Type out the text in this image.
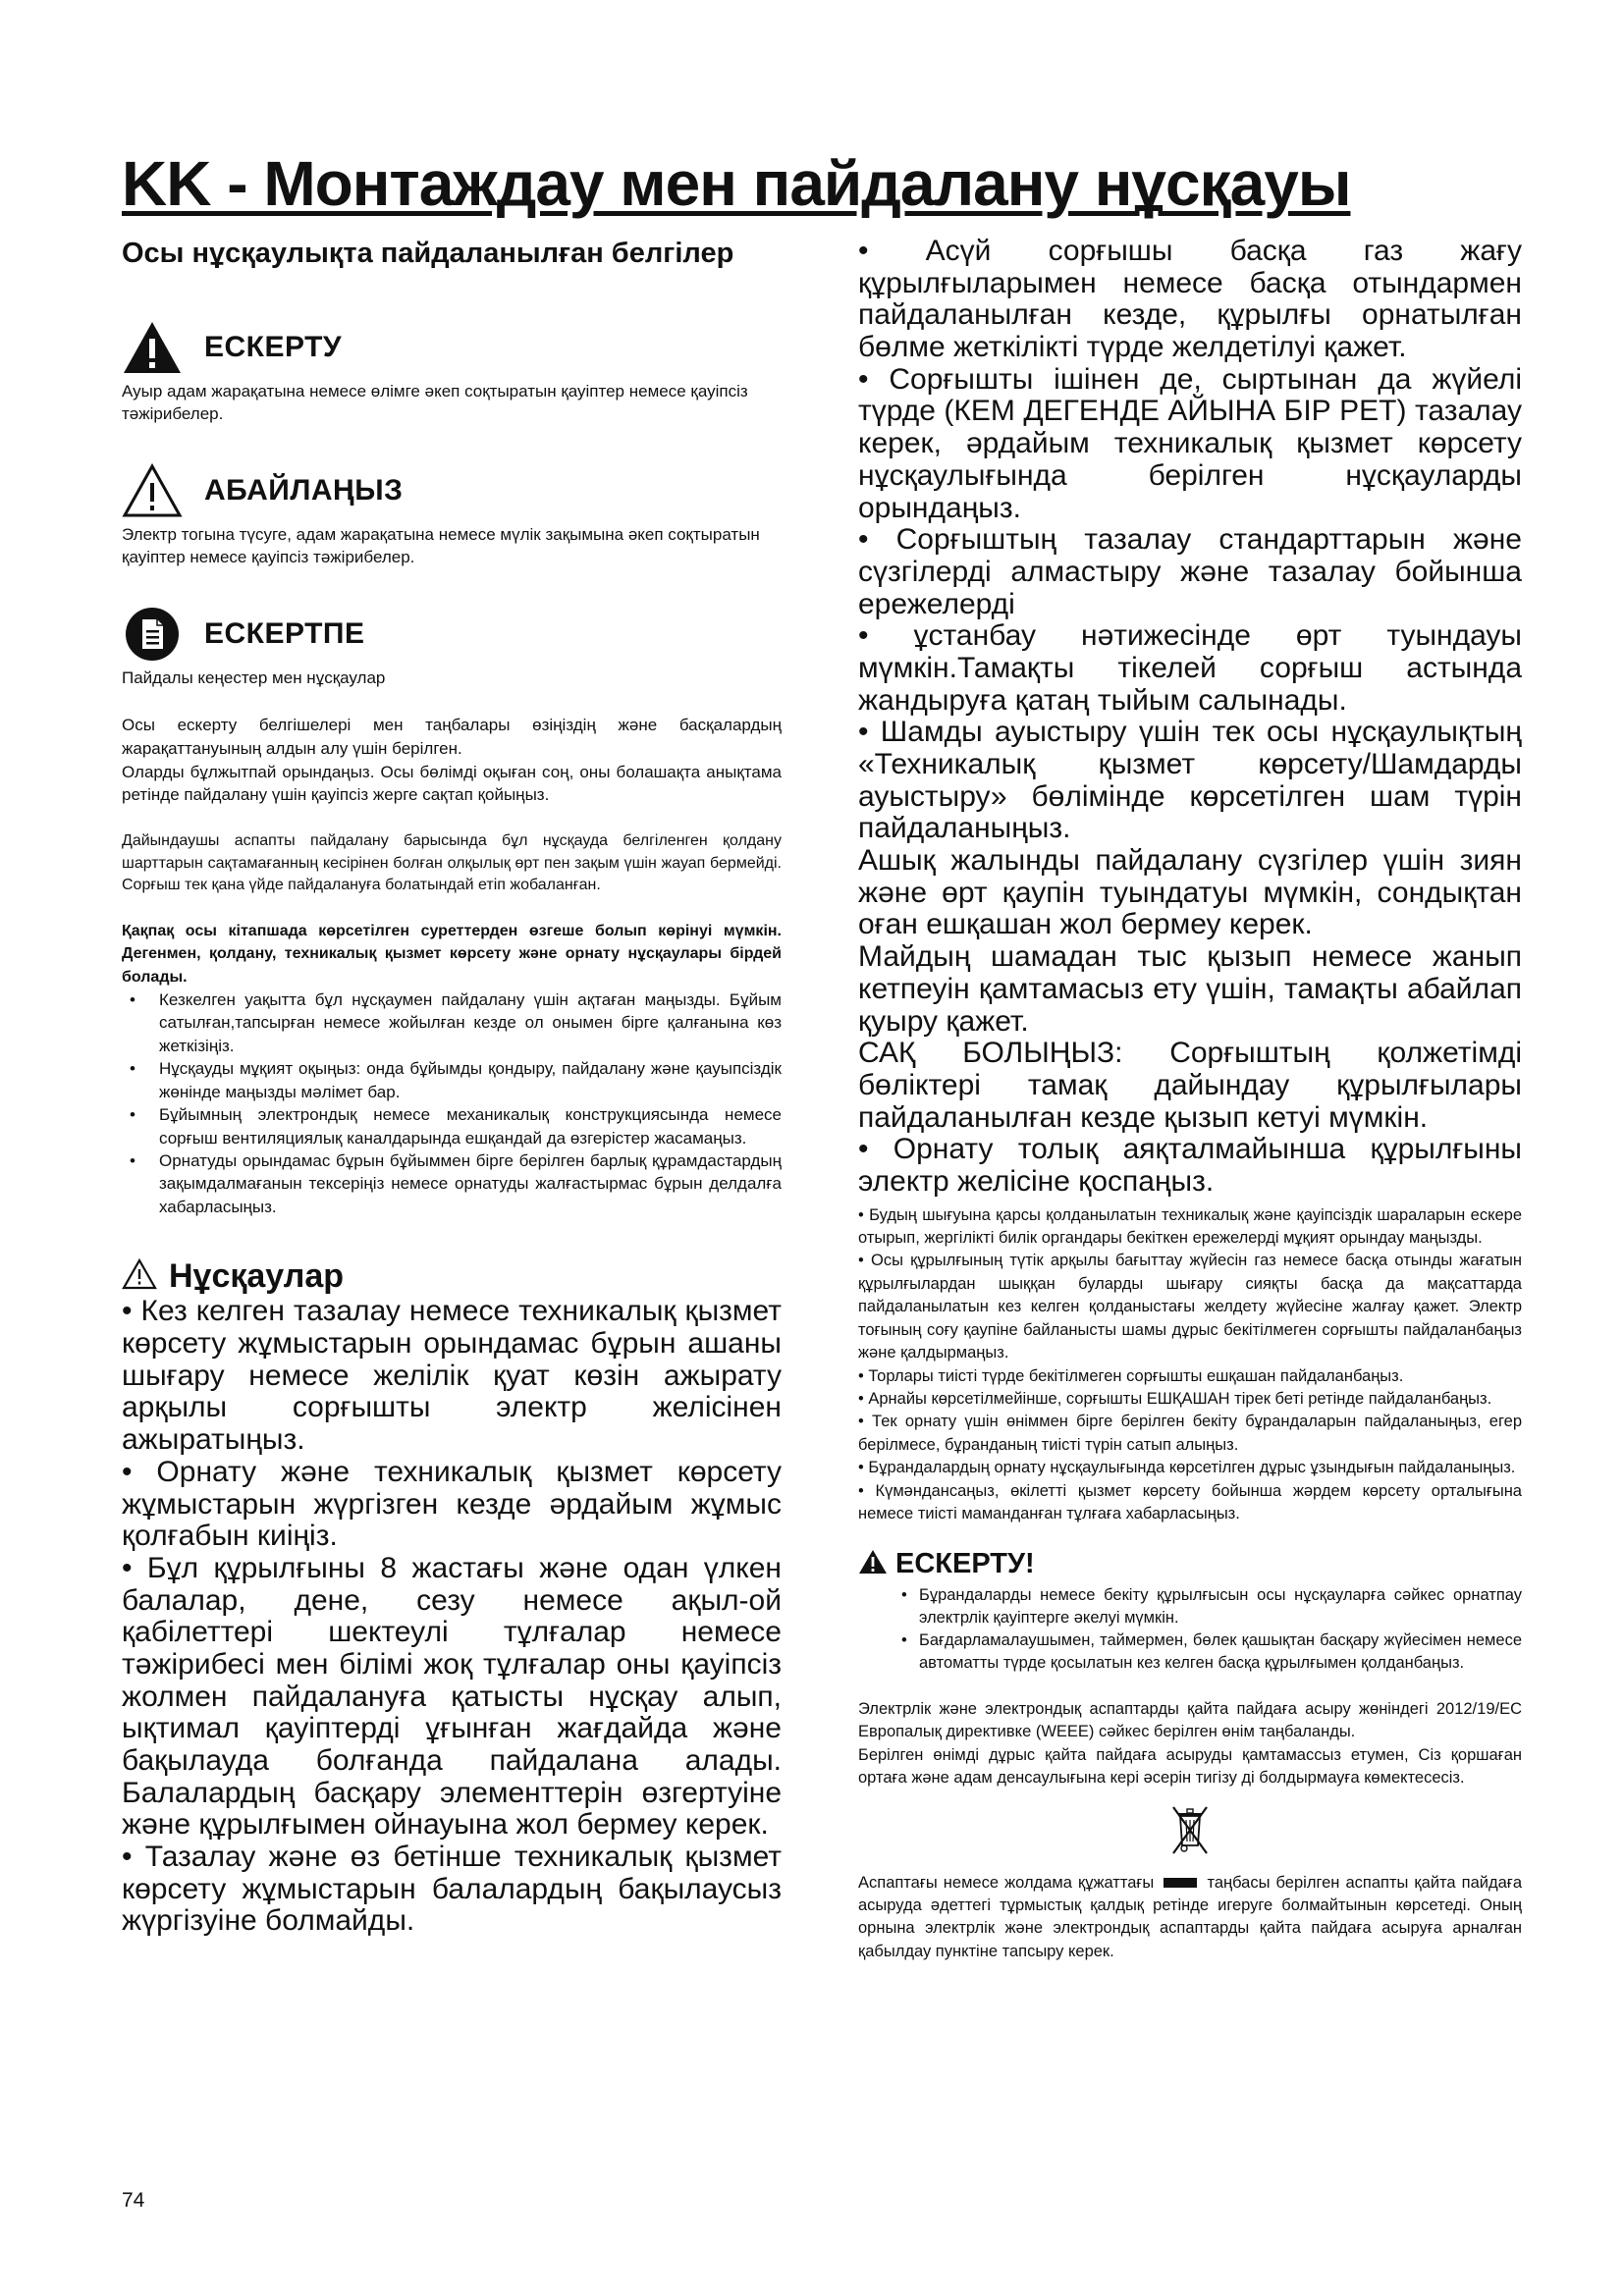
KK - Монтаждау мен пайдалану нұсқауы

Осы нұсқаулықта пайдаланылған белгілер

ЕСКЕРТУ

Ауыр адам жарақатына немесе өлімге әкеп соқтыратын қауіптер немесе қауіпсіз тәжірибелер.

АБАЙЛАҢЫЗ

Электр тогына түсуге, адам жарақатына немесе мүлік зақымына әкеп соқтыратын қауіптер немесе қауіпсіз тәжірибелер.

ЕСКЕРТПЕ

Пайдалы кеңестер мен нұсқаулар

Осы ескерту белгішелері мен таңбалары өзіңіздің және басқалардың жарақаттануының алдын алу үшін берілген.

Оларды бұлжытпай орындаңыз. Осы бөлімді оқыған соң, оны болашақта анықтама ретінде пайдалану үшін қауіпсіз жерге сақтап қойыңыз.

Дайындаушы аспапты пайдалану барысында бұл нұсқауда белгіленген қолдану шарттарын сақтамағанның кесірінен болған олқылық өрт пен зақым үшін жауап бермейді. Сорғыш тек қана үйде пайдалануға болатындай етіп жобаланған.

Қақпақ осы кітапшада көрсетілген суреттерден өзгеше болып көрінуі мүмкін. Дегенмен, қолдану, техникалық қызмет көрсету және орнату нұсқаулары бірдей болады.

• Кезкелген уақытта бұл нұсқаумен пайдалану үшін ақтаған маңызды. Бұйым сатылған,тапсырған немесе жойылған кезде ол онымен бірге қалғанына көз жеткізіңіз.
• Нұсқауды мұқият оқыңыз: онда бұйымды қондыру, пайдалану және қауыпсіздік жөнінде маңызды мәлімет бар.
• Бұйымның электрондық немесе механикалық конструкциясында немесе сорғыш вентиляциялық каналдарында ешқандай да өзгерістер жасамаңыз.
• Орнатуды орындамас бұрын бұйыммен бірге берілген барлық құрамдастардың зақымдалмағанын тексеріңіз немесе орнатуды жалғастырмас бұрын делдалға хабарласыңыз.
Нұсқаулар

• Кез келген тазалау немесе техникалық қызмет көрсету жұмыстарын орындамас бұрын ашаны шығару немесе желілік қуат көзін ажырату арқылы сорғышты электр желісінен ажыратыңыз.

• Орнату және техникалық қызмет көрсету жұмыстарын жүргізген кезде әрдайым жұмыс қолғабын киіңіз.

• Бұл құрылғыны 8 жастағы және одан үлкен балалар, дене, сезу немесе ақыл-ой қабілеттері шектеулі тұлғалар немесе тәжірибесі мен білімі жоқ тұлғалар оны қауіпсіз жолмен пайдалануға қатысты нұсқау алып, ықтимал қауіптерді ұғынған жағдайда және бақылауда болғанда пайдалана алады. Балалардың басқару элементтерін өзгертуіне және құрылғымен ойнауына жол бермеу керек.

• Тазалау және өз бетінше техникалық қызмет көрсету жұмыстарын балалардың бақылаусыз жүргізуіне болмайды.

• Асүй сорғышы басқа газ жағу құрылғыларымен немесе басқа отындармен пайдаланылған кезде, құрылғы орнатылған бөлме жеткілікті түрде желдетілуі қажет.

• Сорғышты ішінен де, сыртынан да жүйелі түрде (КЕМ ДЕГЕНДЕ АЙЫНА БІР РЕТ) тазалау керек, әрдайым техникалық қызмет көрсету нұсқаулығында берілген нұсқауларды орындаңыз.

• Сорғыштың тазалау стандарттарын және сүзгілерді алмастыру және тазалау бойынша ережелерді

• ұстанбау нәтижесінде өрт туындауы мүмкін.Тамақты тікелей сорғыш астында жандыруға қатаң тыйым салынады.

• Шамды ауыстыру үшін тек осы нұсқаулықтың «Техникалық қызмет көрсету/Шамдарды ауыстыру» бөлімінде көрсетілген шам түрін пайдаланыңыз.

Ашық жалынды пайдалану сүзгілер үшін зиян және өрт қаупін туындатуы мүмкін, сондықтан оған ешқашан жол бермеу керек.

Майдың шамадан тыс қызып немесе жанып кетпеуін қамтамасыз ету үшін, тамақты абайлап қуыру қажет.

САҚ БОЛЫҢЫЗ: Сорғыштың қолжетімді бөліктері тамақ дайындау құрылғылары пайдаланылған кезде қызып кетуі мүмкін.

• Орнату толық аяқталмайынша құрылғыны электр желісіне қоспаңыз.

• Будың шығуына қарсы қолданылатын техникалық және қауіпсіздік шараларын ескере отырып, жергілікті билік органдары бекіткен ережелерді мұқият орындау маңызды.

• Осы құрылғының түтік арқылы бағыттау жүйесін газ немесе басқа отынды жағатын құрылғылардан шыққан буларды шығару сияқты басқа да мақсаттарда пайдаланылатын кез келген қолданыстағы желдету жүйесіне жалғау қажет. Электр тоғының соғу қаупіне байланысты шамы дұрыс бекітілмеген сорғышты пайдаланбаңыз және қалдырмаңыз.

• Торлары тиісті түрде бекітілмеген сорғышты ешқашан пайдаланбаңыз.

• Арнайы көрсетілмейінше, сорғышты ЕШҚАШАН тірек беті ретінде пайдаланбаңыз.

• Тек орнату үшін өніммен бірге берілген бекіту бұрандаларын пайдаланыңыз, егер берілмесе, бұранданың тиісті түрін сатып алыңыз.

• Бұрандалардың орнату нұсқаулығында көрсетілген дұрыс ұзындығын пайдаланыңыз.

• Күмәндансаңыз, өкілетті қызмет көрсету бойынша жәрдем көрсету орталығына немесе тиісті маманданған тұлғаға хабарласыңыз.

ЕСКЕРТУ!
• Бұрандаларды немесе бекіту құрылғысын осы нұсқауларға сәйкес орнатпау электрлік қауіптерге әкелуі мүмкін.
• Бағдарламалаушымен, таймермен, бөлек қашықтан басқару жүйесімен немесе автоматты түрде қосылатын кез келген басқа құрылғымен қолданбаңыз.

Электрлік және электрондық аспаптарды қайта пайдаға асыру жөніндегі 2012/19/EC Европалық директивке (WEEE) сәйкес берілген өнім таңбаланды.

Берілген өнімді дұрыс қайта пайдаға асыруды қамтамассыз етумен, Сіз қоршаған ортаға және адам денсаулығына кері әсерін тигізу ді болдырмауға көмектесесіз.

Аспаптағы немесе жолдама құжаттағы	таңбасы берілген аспапты қайта пайдаға асыруда әдеттегі тұрмыстық қалдық ретінде игеруге болмайтынын көрсетеді. Оның орнына электрлік және электрондық аспаптарды қайта пайдаға асыруға арналған қабылдау пунктіне тапсыру керек.

74
